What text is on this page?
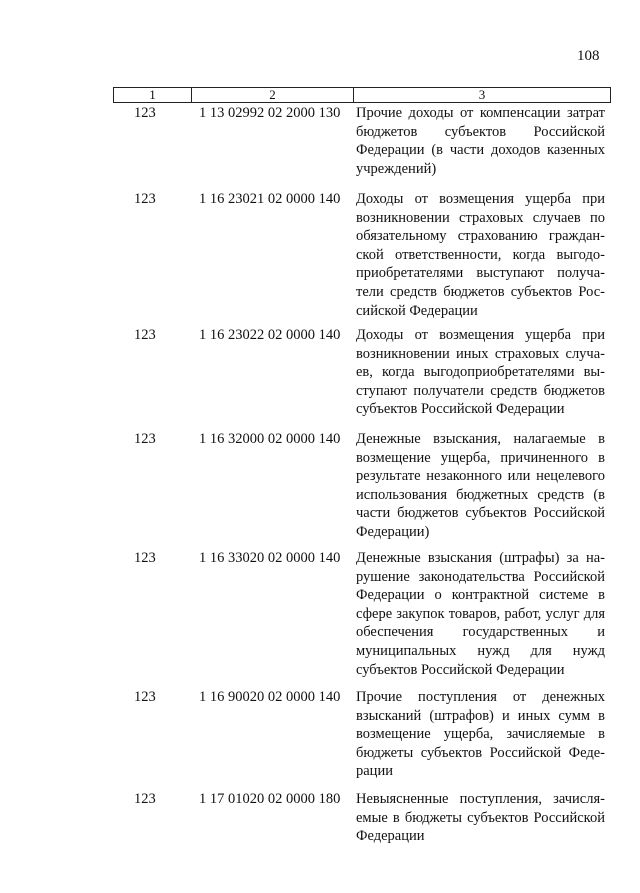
108
1	2	3
123	1 13 02992 02 2000 130 Прочие доходы от компенсации затрат бюджетов субъектов Российской Федерации (в части доходов казенных учреждений)
123	1 16 23021 02 0000 140 Доходы от возмещения ущерба при возникновении страховых случаев по обязательному страхованию гражданской ответственности, когда выгодоприобретателями выступают получатели средств бюджетов субъектов Российской Федерации
123	1 16 23022 02 0000 140 Доходы от возмещения ущерба при возникновении иных страховых случаев, когда выгодоприобретателями выступают получатели средств бюджетов субъектов Российской Федерации
123	1 16 32000 02 0000 140 Денежные взыскания, налагаемые в возмещение ущерба, причиненного в результате незаконного или нецелевого использования бюджетных средств (в части бюджетов субъектов Российской Федерации)
123	1 16 33020 02 0000 140 Денежные взыскания (штрафы) за нарушение законодательства Российской Федерации о контрактной системе в сфере закупок товаров, работ, услуг для обеспечения государственных и муниципальных нужд для нужд субъектов Российской Федерации
123	1 16 90020 02 0000 140 Прочие поступления от денежных взысканий (штрафов) и иных сумм в возмещение ущерба, зачисляемые в бюджеты субъектов Российской Федерации
123	1 17 01020 02 0000 180 Невыясненные поступления, зачисляемые в бюджеты субъектов Российской Федерации
